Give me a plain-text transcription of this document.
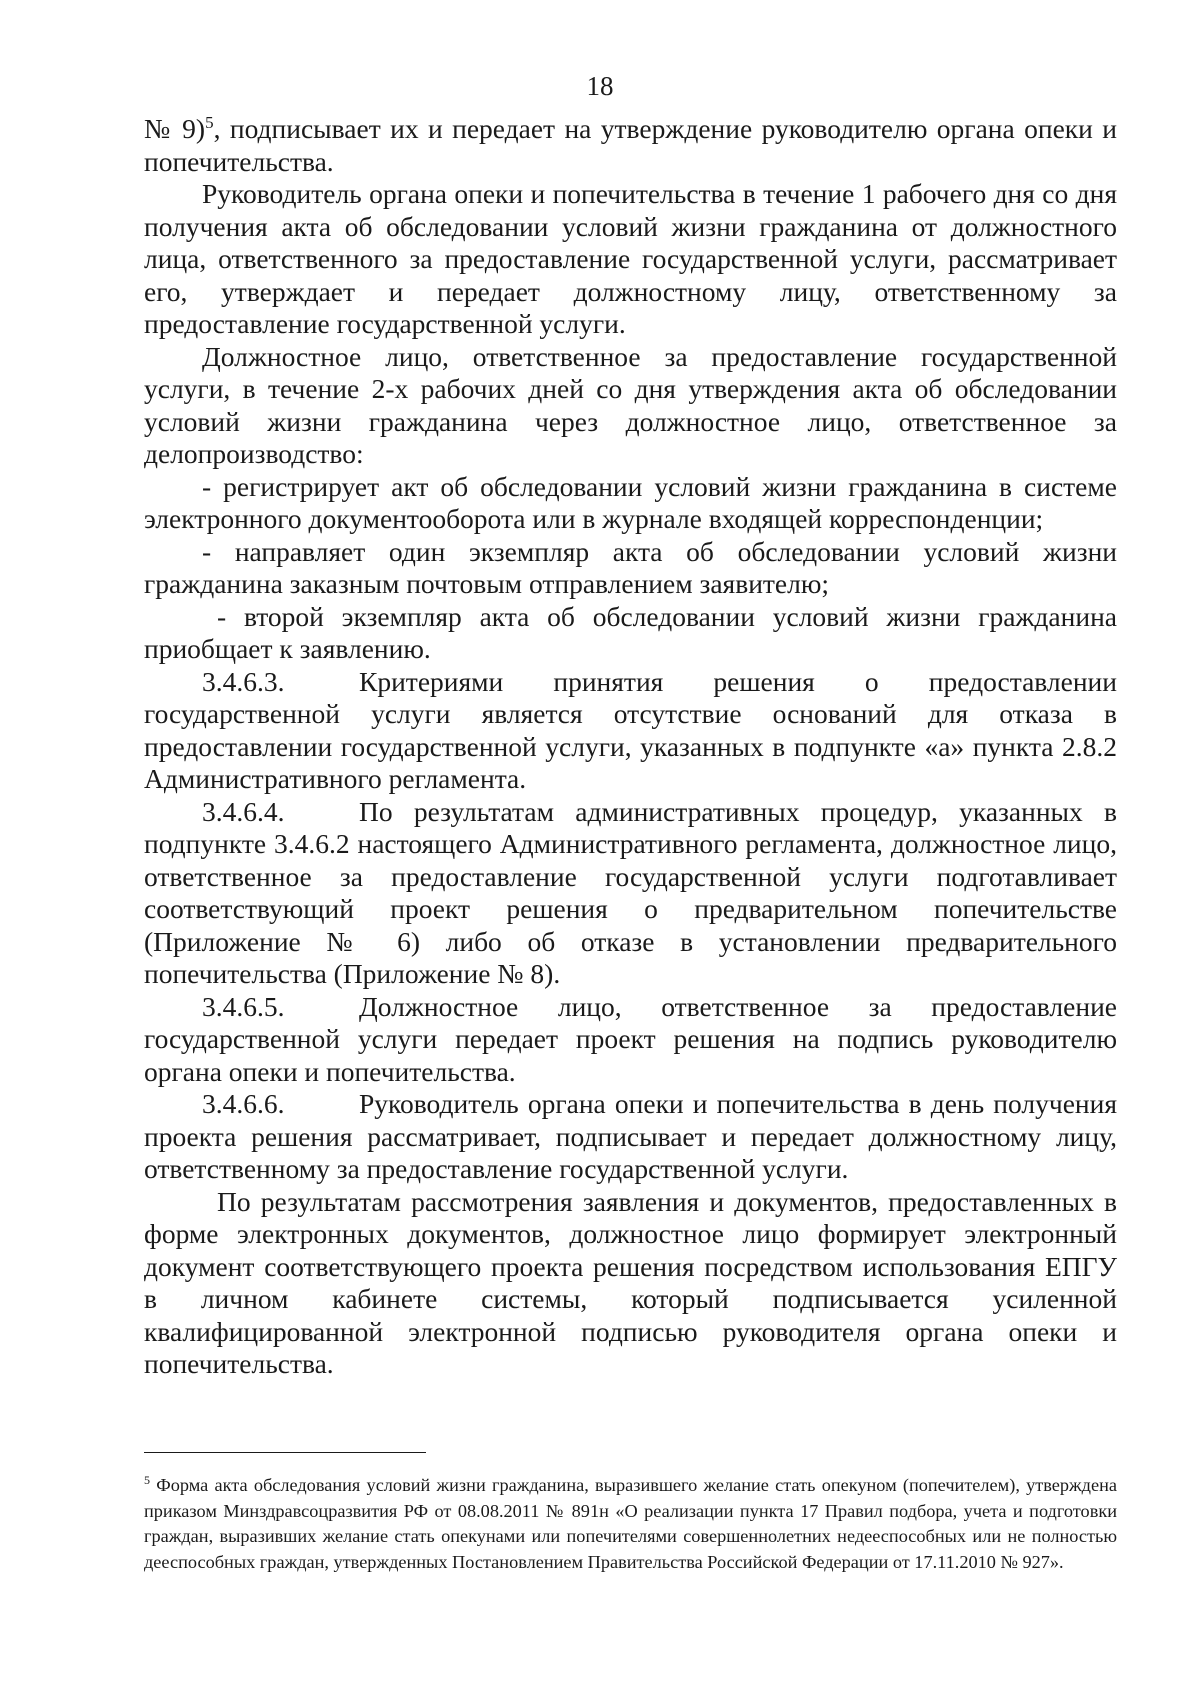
18

№ 9)$^5$, подписывает их и передает на утверждение руководителю органа опеки и попечительства.

Руководитель органа опеки и попечительства в течение 1 рабочего дня со дня получения акта об обследовании условий жизни гражданина от должностного лица, ответственного за предоставление государственной услуги, рассматривает его, утверждает и передает должностному лицу, ответственному за предоставление государственной услуги.

Должностное лицо, ответственное за предоставление государственной услуги, в течение 2-х рабочих дней со дня утверждения акта об обследовании условий жизни гражданина через должностное лицо, ответственное за делопроизводство:

- регистрирует акт об обследовании условий жизни гражданина в системе электронного документооборота или в журнале входящей корреспонденции;

- направляет один экземпляр акта об обследовании условий жизни гражданина заказным почтовым отправлением заявителю;

- второй экземпляр акта об обследовании условий жизни гражданина приобщает к заявлению.

3.4.6.3.	Критериями принятия решения о предоставлении государственной услуги является отсутствие оснований для отказа в предоставлении государственной услуги, указанных в подпункте «а» пункта 2.8.2 Административного регламента.

3.4.6.4.	По результатам административных процедур, указанных в подпункте 3.4.6.2 настоящего Административного регламента, должностное лицо, ответственное за предоставление государственной услуги подготавливает соответствующий проект решения о предварительном попечительстве (Приложение № 6) либо об отказе в установлении предварительного попечительства (Приложение № 8).

3.4.6.5.	Должностное лицо, ответственное за предоставление государственной услуги передает проект решения на подпись руководителю органа опеки и попечительства.

3.4.6.6.	Руководитель органа опеки и попечительства в день получения проекта решения рассматривает, подписывает и передает должностному лицу, ответственному за предоставление государственной услуги.

По результатам рассмотрения заявления и документов, предоставленных в форме электронных документов, должностное лицо формирует электронный документ соответствующего проекта решения посредством использования ЕПГУ в личном кабинете системы, который подписывается усиленной квалифицированной электронной подписью руководителя органа опеки и попечительства.

$^5$ Форма акта обследования условий жизни гражданина, выразившего желание стать опекуном (попечителем), утверждена приказом Минздравсоцразвития РФ от 08.08.2011 № 891н «О реализации пункта 17 Правил подбора, учета и подготовки граждан, выразивших желание стать опекунами или попечителями совершеннолетних недееспособных или не полностью дееспособных граждан, утвержденных Постановлением Правительства Российской Федерации от 17.11.2010 № 927».
